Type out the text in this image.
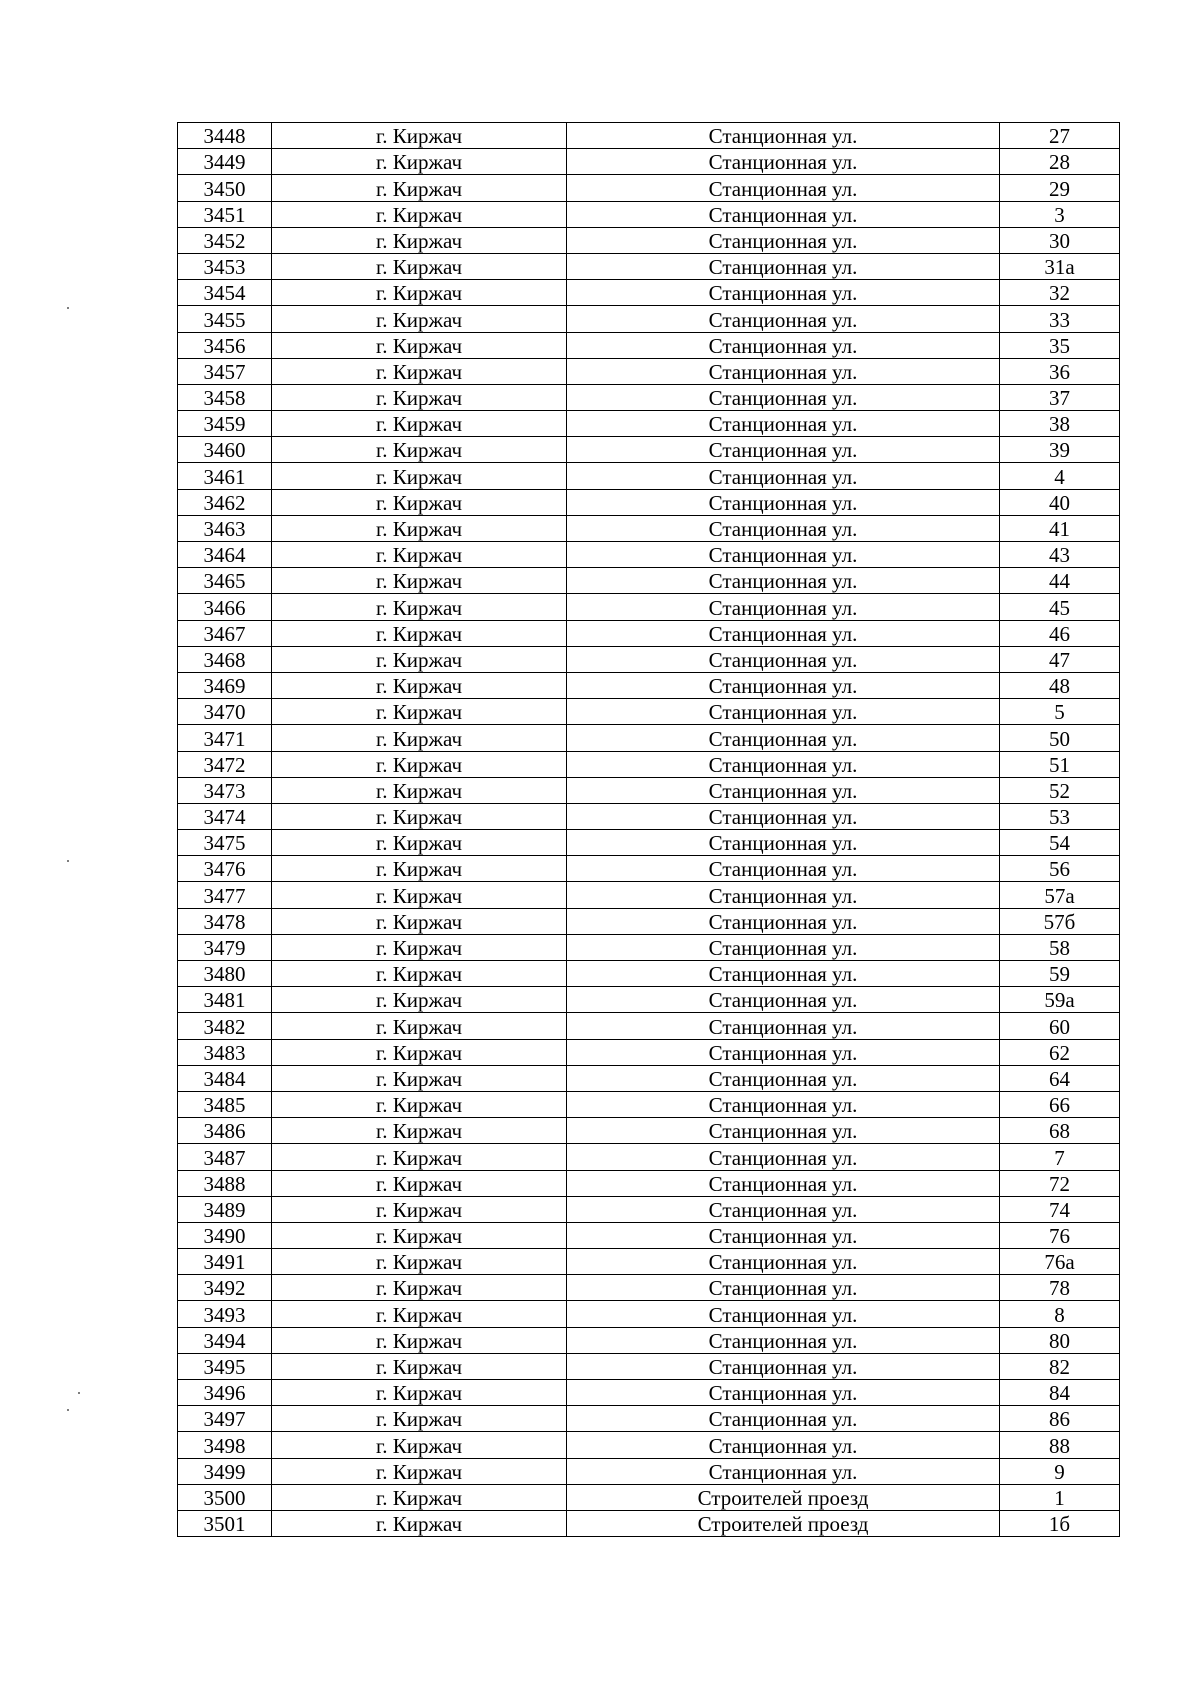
3448	г. Киржач	Станционная ул.	27
3449	г. Киржач	Станционная ул.	28
3450	г. Киржач	Станционная ул.	29
3451	г. Киржач	Станционная ул.	3
3452	г. Киржач	Станционная ул.	30
3453	г. Киржач	Станционная ул.	31а
3454	г. Киржач	Станционная ул.	32
3455	г. Киржач	Станционная ул.	33
3456	г. Киржач	Станционная ул.	35
3457	г. Киржач	Станционная ул.	36
3458	г. Киржач	Станционная ул.	37
3459	г. Киржач	Станционная ул.	38
3460	г. Киржач	Станционная ул.	39
3461	г. Киржач	Станционная ул.	4
3462	г. Киржач	Станционная ул.	40
3463	г. Киржач	Станционная ул.	41
3464	г. Киржач	Станционная ул.	43
3465	г. Киржач	Станционная ул.	44
3466	г. Киржач	Станционная ул.	45
3467	г. Киржач	Станционная ул.	46
3468	г. Киржач	Станционная ул.	47
3469	г. Киржач	Станционная ул.	48
3470	г. Киржач	Станционная ул.	5
3471	г. Киржач	Станционная ул.	50
3472	г. Киржач	Станционная ул.	51
3473	г. Киржач	Станционная ул.	52
3474	г. Киржач	Станционная ул.	53
3475	г. Киржач	Станционная ул.	54
3476	г. Киржач	Станционная ул.	56
3477	г. Киржач	Станционная ул.	57а
3478	г. Киржач	Станционная ул.	57б
3479	г. Киржач	Станционная ул.	58
3480	г. Киржач	Станционная ул.	59
3481	г. Киржач	Станционная ул.	59а
3482	г. Киржач	Станционная ул.	60
3483	г. Киржач	Станционная ул.	62
3484	г. Киржач	Станционная ул.	64
3485	г. Киржач	Станционная ул.	66
3486	г. Киржач	Станционная ул.	68
3487	г. Киржач	Станционная ул.	7
3488	г. Киржач	Станционная ул.	72
3489	г. Киржач	Станционная ул.	74
3490	г. Киржач	Станционная ул.	76
3491	г. Киржач	Станционная ул.	76а
3492	г. Киржач	Станционная ул.	78
3493	г. Киржач	Станционная ул.	8
3494	г. Киржач	Станционная ул.	80
3495	г. Киржач	Станционная ул.	82
3496	г. Киржач	Станционная ул.	84
3497	г. Киржач	Станционная ул.	86
3498	г. Киржач	Станционная ул.	88
3499	г. Киржач	Станционная ул.	9
3500	г. Киржач	Строителей проезд	1
3501	г. Киржач	Строителей проезд	1б
